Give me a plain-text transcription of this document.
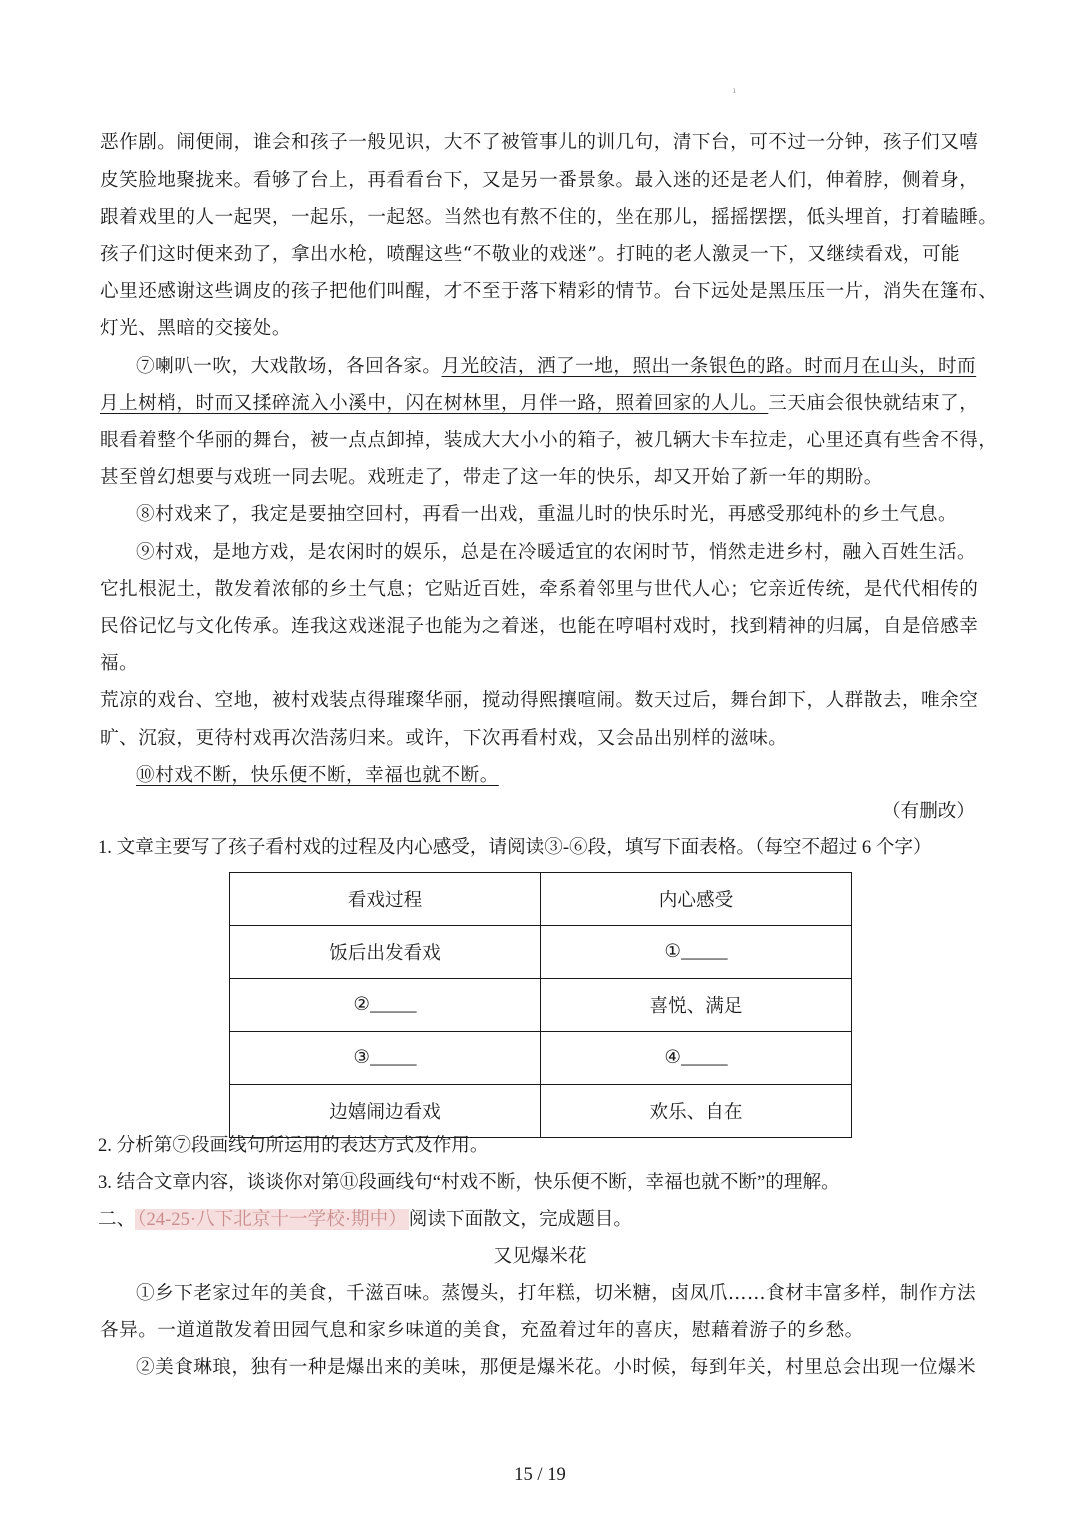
ı
恶作剧。闹便闹，谁会和孩子一般见识，大不了被管事儿的训几句，清下台，可不过一分钟，孩子们又嘻
皮笑脸地聚拢来。看够了台上，再看看台下，又是另一番景象。最入迷的还是老人们，伸着脖，侧着身，
跟着戏里的人一起哭，一起乐，一起怒。当然也有熬不住的，坐在那儿，摇摇摆摆，低头埋首，打着瞌睡。
孩子们这时便来劲了，拿出水枪，喷醒这些“不敬业的戏迷”。打盹的老人激灵一下，又继续看戏，可能
心里还感谢这些调皮的孩子把他们叫醒，才不至于落下精彩的情节。台下远处是黑压压一片，消失在篷布、
灯光、黑暗的交接处。
⑦喇叭一吹，大戏散场，各回各家。月光皎洁，洒了一地，照出一条银色的路。时而月在山头，时而
月上树梢，时而又揉碎流入小溪中，闪在树林里，月伴一路，照着回家的人儿。三天庙会很快就结束了，
眼看着整个华丽的舞台，被一点点卸掉，装成大大小小的箱子，被几辆大卡车拉走，心里还真有些舍不得，
甚至曾幻想要与戏班一同去呢。戏班走了，带走了这一年的快乐，却又开始了新一年的期盼。
⑧村戏来了，我定是要抽空回村，再看一出戏，重温儿时的快乐时光，再感受那纯朴的乡土气息。
⑨村戏，是地方戏，是农闲时的娱乐，总是在冷暖适宜的农闲时节，悄然走进乡村，融入百姓生活。
它扎根泥土，散发着浓郁的乡土气息；它贴近百姓，牵系着邻里与世代人心；它亲近传统，是代代相传的
民俗记忆与文化传承。连我这戏迷混子也能为之着迷，也能在哼唱村戏时，找到精神的归属，自是倍感幸
福。
荒凉的戏台、空地，被村戏装点得璀璨华丽，搅动得熙攘喧闹。数天过后，舞台卸下，人群散去，唯余空
旷、沉寂，更待村戏再次浩荡归来。或许，下次再看村戏，又会品出别样的滋味。
⑩村戏不断，快乐便不断，幸福也就不断。
（有删改）
1. 文章主要写了孩子看村戏的过程及内心感受，请阅读③-⑥段，填写下面表格。（每空不超过 6 个字）
看戏过程	内心感受
饭后出发看戏	①_____
②_____	喜悦、满足
③_____	④_____
边嬉闹边看戏	欢乐、自在
2. 分析第⑦段画线句所运用的表达方式及作用。
3. 结合文章内容，谈谈你对第⑪段画线句“村戏不断，快乐便不断，幸福也就不断”的理解。
二、 （24-25·八下北京十一学校·期中） 阅读下面散文，完成题目。
又见爆米花
①乡下老家过年的美食，千滋百味。蒸馒头，打年糕，切米糖，卤凤爪……食材丰富多样，制作方法
各异。一道道散发着田园气息和家乡味道的美食，充盈着过年的喜庆，慰藉着游子的乡愁。
②美食琳琅，独有一种是爆出来的美味，那便是爆米花。小时候，每到年关，村里总会出现一位爆米
15 / 19
